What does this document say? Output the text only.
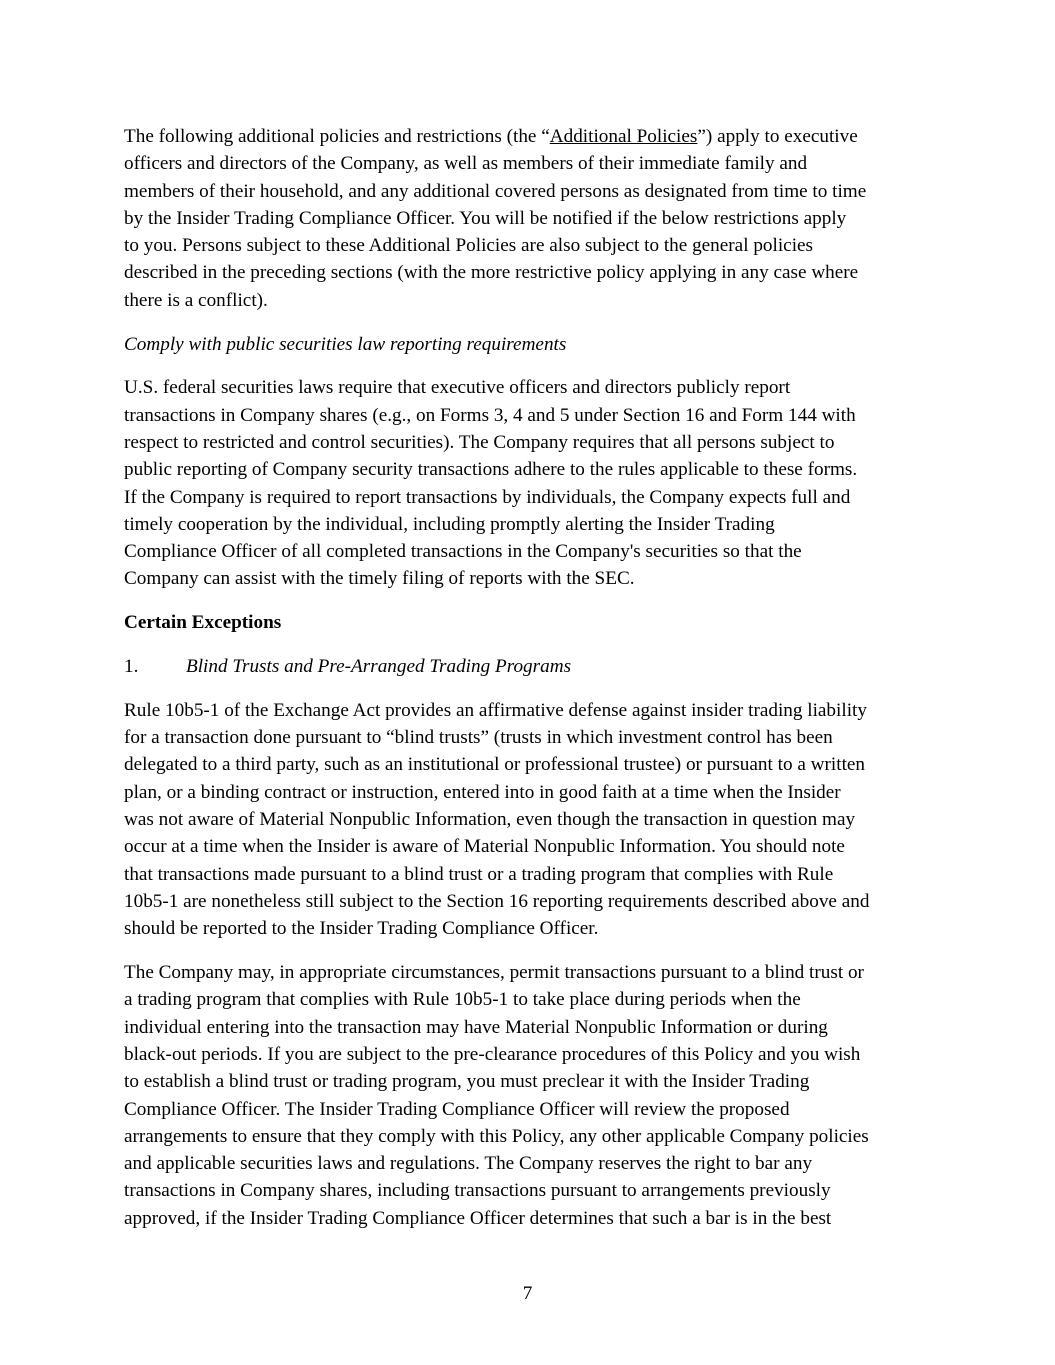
The following additional policies and restrictions (the “Additional Policies”) apply to executive
officers and directors of the Company, as well as members of their immediate family and
members of their household, and any additional covered persons as designated from time to time
by the Insider Trading Compliance Officer. You will be notified if the below restrictions apply
to you. Persons subject to these Additional Policies are also subject to the general policies
described in the preceding sections (with the more restrictive policy applying in any case where
there is a conflict).

Comply with public securities law reporting requirements

U.S. federal securities laws require that executive officers and directors publicly report
transactions in Company shares (e.g., on Forms 3, 4 and 5 under Section 16 and Form 144 with
respect to restricted and control securities). The Company requires that all persons subject to
public reporting of Company security transactions adhere to the rules applicable to these forms.
If the Company is required to report transactions by individuals, the Company expects full and
timely cooperation by the individual, including promptly alerting the Insider Trading
Compliance Officer of all completed transactions in the Company's securities so that the
Company can assist with the timely filing of reports with the SEC.

Certain Exceptions

1.	Blind Trusts and Pre-Arranged Trading Programs

Rule 10b5-1 of the Exchange Act provides an affirmative defense against insider trading liability
for a transaction done pursuant to “blind trusts” (trusts in which investment control has been
delegated to a third party, such as an institutional or professional trustee) or pursuant to a written
plan, or a binding contract or instruction, entered into in good faith at a time when the Insider
was not aware of Material Nonpublic Information, even though the transaction in question may
occur at a time when the Insider is aware of Material Nonpublic Information. You should note
that transactions made pursuant to a blind trust or a trading program that complies with Rule
10b5-1 are nonetheless still subject to the Section 16 reporting requirements described above and
should be reported to the Insider Trading Compliance Officer.

The Company may, in appropriate circumstances, permit transactions pursuant to a blind trust or
a trading program that complies with Rule 10b5-1 to take place during periods when the
individual entering into the transaction may have Material Nonpublic Information or during
black-out periods. If you are subject to the pre-clearance procedures of this Policy and you wish
to establish a blind trust or trading program, you must preclear it with the Insider Trading
Compliance Officer. The Insider Trading Compliance Officer will review the proposed
arrangements to ensure that they comply with this Policy, any other applicable Company policies
and applicable securities laws and regulations. The Company reserves the right to bar any
transactions in Company shares, including transactions pursuant to arrangements previously
approved, if the Insider Trading Compliance Officer determines that such a bar is in the best

7
